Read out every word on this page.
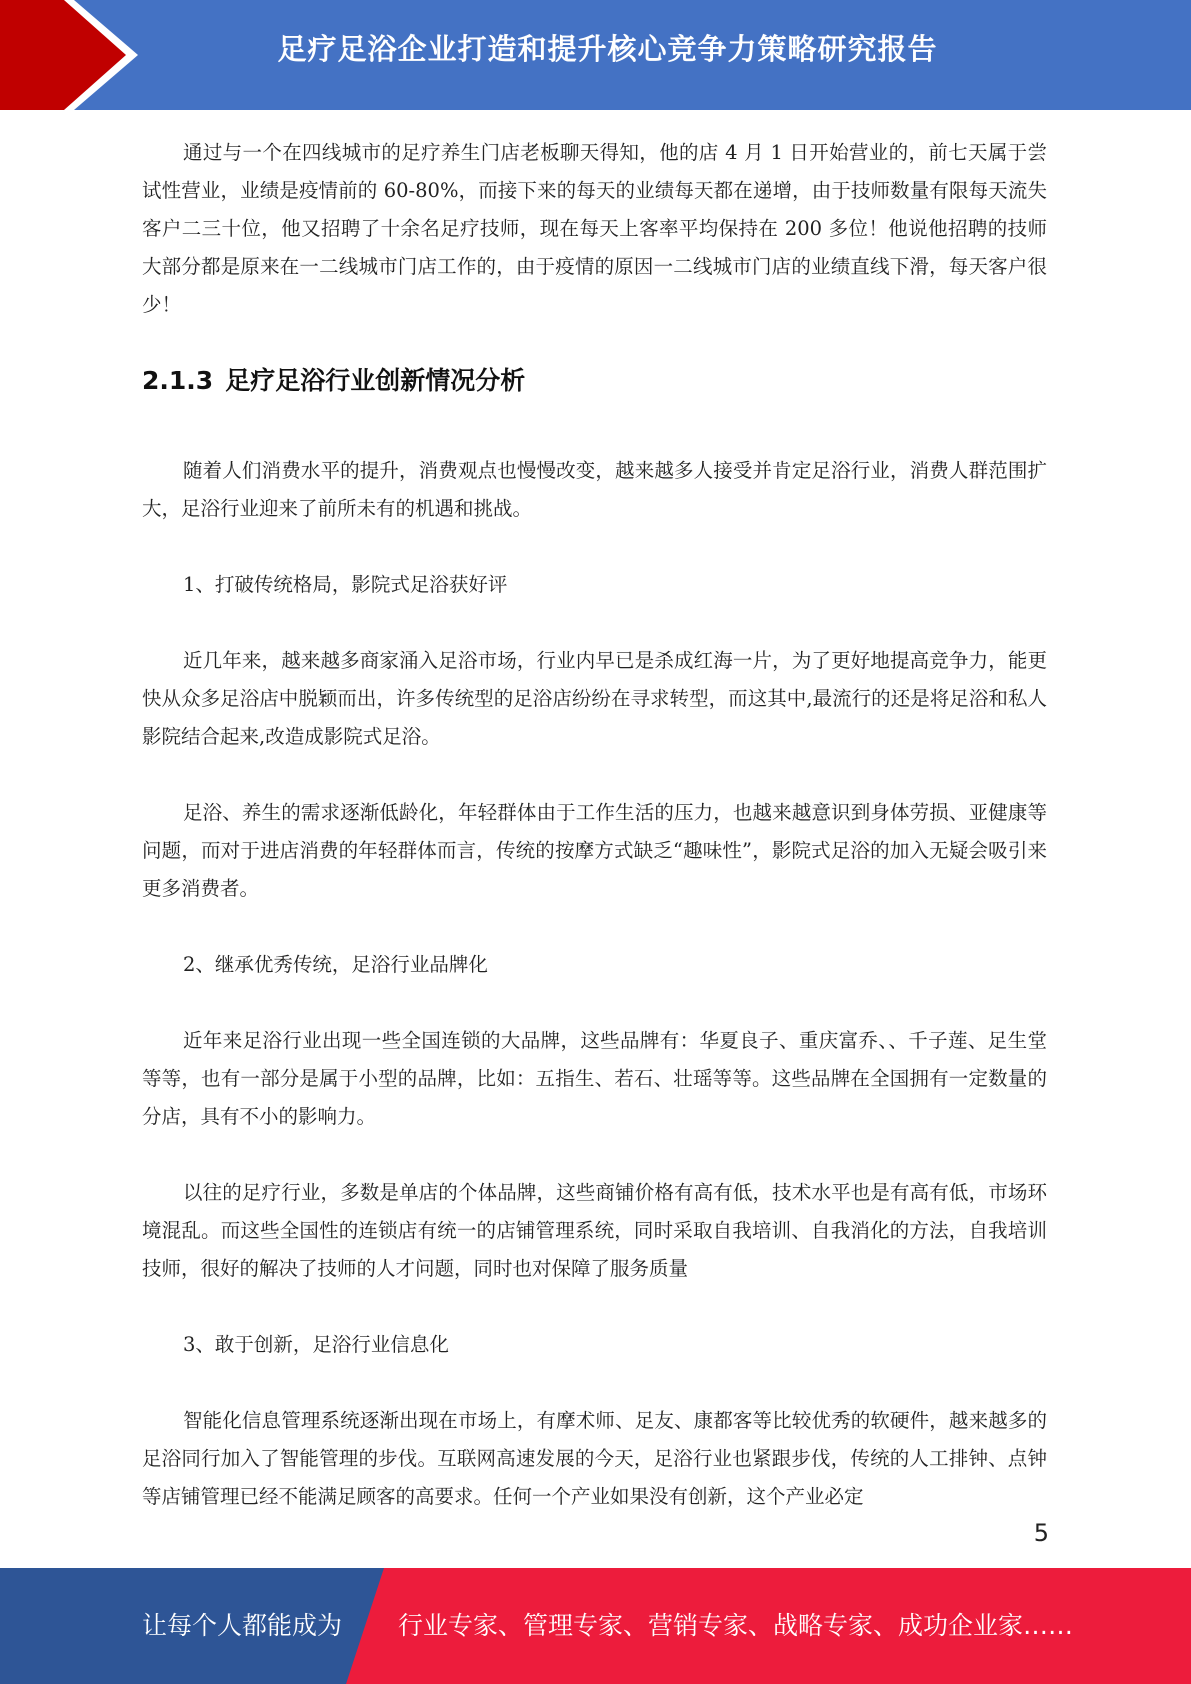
足疗足浴企业打造和提升核心竞争力策略研究报告

通过与一个在四线城市的足疗养生门店老板聊天得知，他的店 4 月 1 日开始营业的，前七天属于尝试性营业，业绩是疫情前的 60-80%，而接下来的每天的业绩每天都在递增，由于技师数量有限每天流失客户二三十位，他又招聘了十余名足疗技师，现在每天上客率平均保持在 200 多位！他说他招聘的技师大部分都是原来在一二线城市门店工作的，由于疫情的原因一二线城市门店的业绩直线下滑，每天客户很少！

2.1.3 足疗足浴行业创新情况分析

随着人们消费水平的提升，消费观点也慢慢改变，越来越多人接受并肯定足浴行业，消费人群范围扩大，足浴行业迎来了前所未有的机遇和挑战。

1、打破传统格局，影院式足浴获好评

近几年来，越来越多商家涌入足浴市场，行业内早已是杀成红海一片，为了更好地提高竞争力，能更快从众多足浴店中脱颖而出，许多传统型的足浴店纷纷在寻求转型，而这其中,最流行的还是将足浴和私人影院结合起来,改造成影院式足浴。

足浴、养生的需求逐渐低龄化，年轻群体由于工作生活的压力，也越来越意识到身体劳损、亚健康等问题，而对于进店消费的年轻群体而言，传统的按摩方式缺乏“趣味性”，影院式足浴的加入无疑会吸引来更多消费者。

2、继承优秀传统，足浴行业品牌化

近年来足浴行业出现一些全国连锁的大品牌，这些品牌有：华夏良子、重庆富乔、、千子莲、足生堂等等，也有一部分是属于小型的品牌，比如：五指生、若石、壮瑶等等。这些品牌在全国拥有一定数量的分店，具有不小的影响力。

以往的足疗行业，多数是单店的个体品牌，这些商铺价格有高有低，技术水平也是有高有低，市场环境混乱。而这些全国性的连锁店有统一的店铺管理系统，同时采取自我培训、自我消化的方法，自我培训技师，很好的解决了技师的人才问题，同时也对保障了服务质量

3、敢于创新，足浴行业信息化

智能化信息管理系统逐渐出现在市场上，有摩术师、足友、康都客等比较优秀的软硬件，越来越多的足浴同行加入了智能管理的步伐。互联网高速发展的今天，足浴行业也紧跟步伐，传统的人工排钟、点钟等店铺管理已经不能满足顾客的高要求。任何一个产业如果没有创新，这个产业必定

5
让每个人都能成为 行业专家、管理专家、营销专家、战略专家、成功企业家……
